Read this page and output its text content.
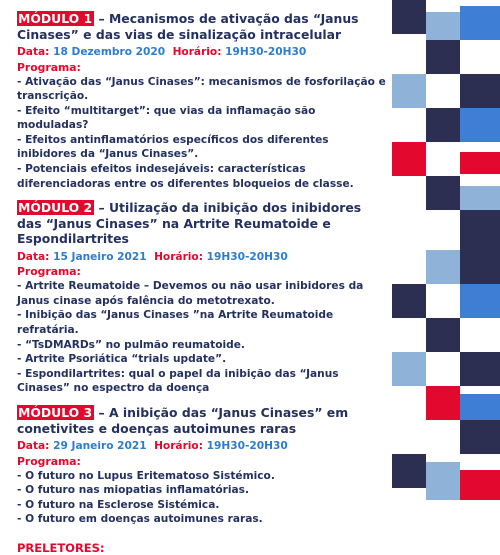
MÓDULO 1 – Mecanismos de ativação das “Janus Cinases” e das vias de sinalização intracelular
Data: 18 Dezembro 2020 Horário: 19H30-20H30
Programa:
- Ativação das “Janus Cinases”: mecanismos de fosforilação e transcrição.
- Efeito “multitarget”: que vias da inflamação são moduladas?
- Efeitos antinflamatórios específicos dos diferentes inibidores da “Janus Cinases”.
- Potenciais efeitos indesejáveis: características diferenciadoras entre os diferentes bloqueios de classe.
MÓDULO 2 – Utilização da inibição dos inibidores das “Janus Cinases” na Artrite Reumatoide e Espondilartrites
Data: 15 Janeiro 2021 Horário: 19H30-20H30
Programa:
- Artrite Reumatoide – Devemos ou não usar inibidores da Janus cinase após falência do metotrexato.
- Inibição das “Janus Cinases ”na Artrite Reumatoide refratária.
- “TsDMARDs” no pulmão reumatoide.
- Artrite Psoriática “trials update”.
- Espondilartrites: qual o papel da inibição das “Janus Cinases” no espectro da doença
MÓDULO 3 – A inibição das “Janus Cinases” em conetivites e doenças autoimunes raras
Data: 29 Janeiro 2021 Horário: 19H30-20H30
Programa:
- O futuro no Lupus Eritematoso Sistémico.
- O futuro nas miopatias inflamatórias.
- O futuro na Esclerose Sistémica.
- O futuro em doenças autoimunes raras.
PRELETORES:
